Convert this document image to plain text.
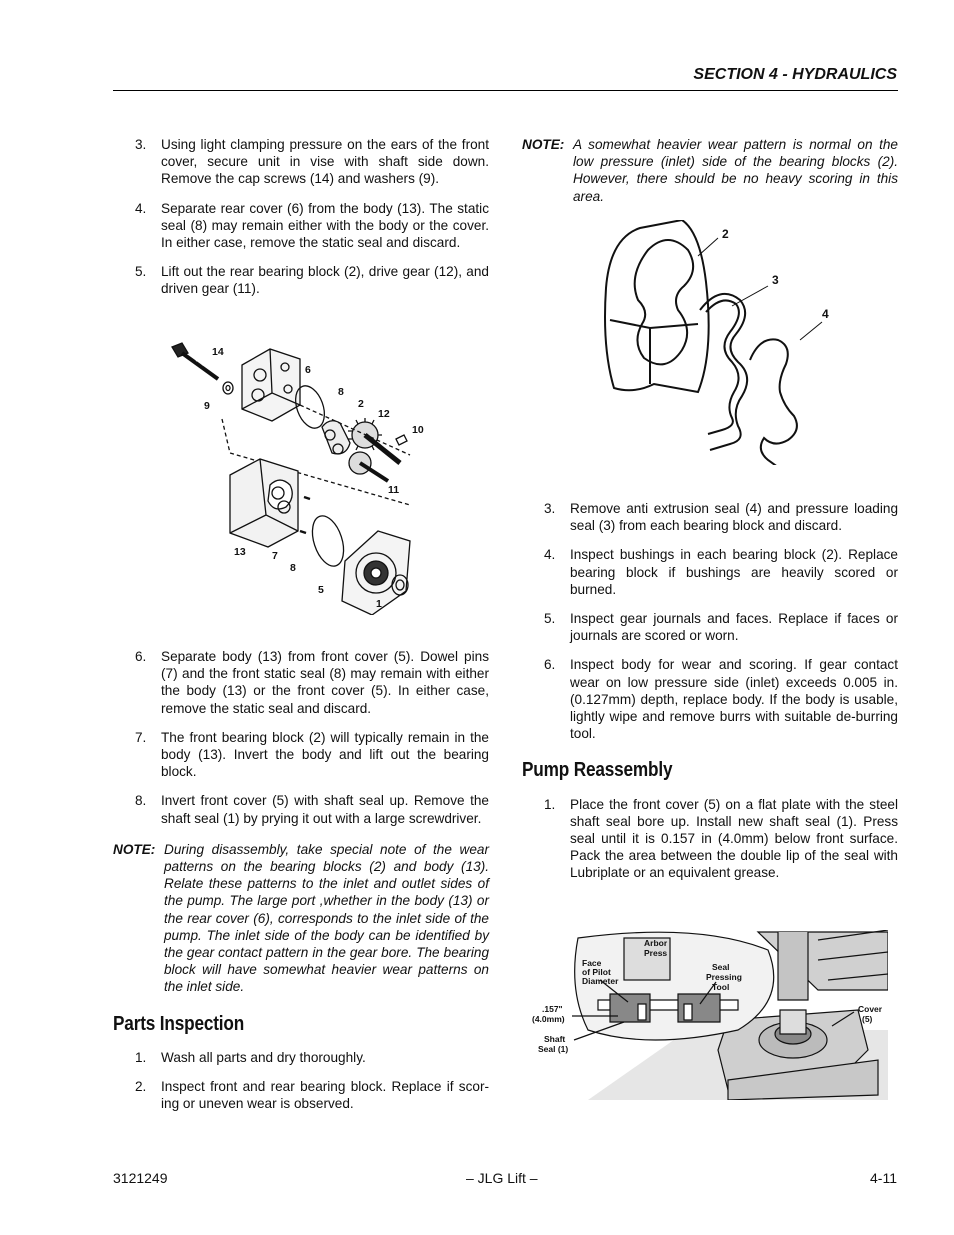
SECTION 4 - HYDRAULICS
3. Using light clamping pressure on the ears of the front cover, secure unit in vise with shaft side down. Remove the cap screws (14) and washers (9).
4. Separate rear cover (6) from the body (13). The static seal (8) may remain either with the body or the cover. In either case, remove the static seal and discard.
5. Lift out the rear bearing block (2), drive gear (12), and driven gear (11).
14
9
6
8
2
12
10
11
13	7
8
5
1
6. Separate body (13) from front cover (5). Dowel pins (7) and the front static seal (8) may remain with either the body (13) or the front cover (5). In either case, remove the static seal and discard.
7. The front bearing block (2) will typically remain in the body (13). Invert the body and lift out the bearing block.
8. Invert front cover (5) with shaft seal up. Remove the shaft seal (1) by prying it out with a large screwdriver.
NOTE: During disassembly, take special note of the wear patterns on the bearing blocks (2) and body (13). Relate these patterns to the inlet and outlet sides of the pump. The large port ,whether in the body (13) or the rear cover (6), corresponds to the inlet side of the pump. The inlet side of the body can be identified by the gear contact pattern in the gear bore. The bearing block will have somewhat heavier wear patterns on the inlet side.
Parts Inspection
1. Wash all parts and dry thoroughly.
2. Inspect front and rear bearing block. Replace if scoring or uneven wear is observed.
NOTE: A somewhat heavier wear pattern is normal on the low pressure (inlet) side of the bearing blocks (2). However, there should be no heavy scoring in this area.
2
3
4
3. Remove anti extrusion seal (4) and pressure loading seal (3) from each bearing block and discard.
4. Inspect bushings in each bearing block (2). Replace bearing block if bushings are heavily scored or burned.
5. Inspect gear journals and faces. Replace if faces or journals are scored or worn.
6. Inspect body for wear and scoring. If gear contact wear on low pressure side (inlet) exceeds 0.005 in. (0.127mm) depth, replace body. If the body is usable, lightly wipe and remove burrs with suitable de-burring tool.
Pump Reassembly
1. Place the front cover (5) on a flat plate with the steel shaft seal bore up. Install new shaft seal (1). Press seal until it is 0.157 in (4.0mm) below front surface. Pack the area between the double lip of the seal with Lubriplate or an equivalent grease.
Arbor
Press
Face
of Pilot
Diameter
Seal
Pressing
Tool
.157"
(4.0mm)
Shaft
Seal (1)
Cover
(5)
3121249	– JLG Lift –	4-11
